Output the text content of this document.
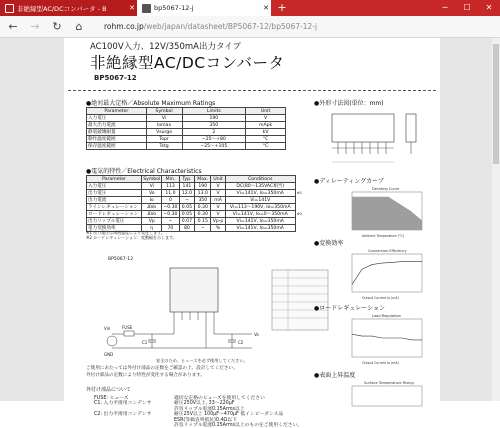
非絶縁型AC/DCコンバータ - B	✕	bp5067-12-j	✕ +	─	☐	✕
←	→	↻	⌂	rohm.co.jp/web/japan/datasheet/BP5067-12/bp5067-12-j
AC100V入力、12V/350mA出力タイプ
非絶縁型AC/DCコンバータ
BP5067-12
●絶対最大定格／Absolute Maximum Ratings
Parameter	Symbol	Limits	Unit
入力電圧	Vi	190	V
最大出力電流	Iomax	350	mApk
静電破壊耐量	Vsurge	2	kV
動作温度範囲	Topr	−25〜+80	°C
保存温度範囲	Tstg	−25〜+105	°C
●電気的特性／Electrical Characteristics
Parameter	Symbol	Min.	Typ.	Max.	Unit	Conditions	
入力電圧	Vi	113	141	190	V	DC(80〜135VAC相当)	
出力電圧	Vo	11.0	12.0	13.0	V	Vi=141V, Io=350mA	※1
出力電流	Io	0	−	350	mA	Vi=141V	
ラインレギュレーション	ΔVo	−0.30	0.05	0.30	V	Vi=113〜190V, Io=350mA	
ロードレギュレーション	ΔVo	−0.30	0.05	0.30	V	Vi=141V, Io=0〜350mA	※2
出力リップル電圧	Vp	−	0.07	0.15	Vp-p	Vi=141V, Io=350mA	
電力変換効率	η	70	80	−	%	Vi=141V, Io=350mA	
※1 出力電圧は周囲温度により変化します。
※2 ロードレギュレーション：変動幅を示します。
BP5067-12
Vin
GND
Vo
C1	C2
FUSE
安全のため、ヒューズを必ず使用してください。
ご使用にあたっては外付け部品の定数をご確認の上、設計してください。
外付け部品の定数により特性が変化する場合があります。
外付け部品について
FUSE: ヒューズ	適切な定格のヒューズを使用してください
C1: 入力平滑用コンデンサ	耐圧250V以上, 33〜220μF
許容リップル電流0.15Arms以上
C2: 出力平滑用コンデンサ	耐圧25V以上 100μF〜470μF 低インピーダンス品
ESR(等価直列抵抗)0.4Ω以下
許容リップル電流0.25Arms以上のものをご使用ください。
●外形寸法図(単位：mm)
●ディレーティングカーブ
Derating Curve
Ambient Temperature (°C)
●変換効率
Conversion Efficiency
Output Current Io (mA)
●ロードレギュレーション
Load Regulation
Output Current Io (mA)
●表面上昇温度
Surface Temperature Rising
